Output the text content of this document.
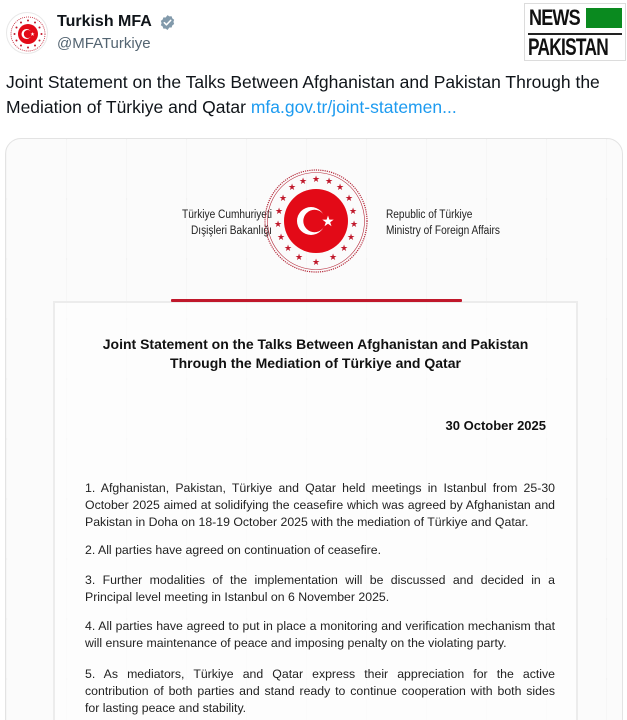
Turkish MFA
@MFATurkiye
NEWS
PAKISTAN
Joint Statement on the Talks Between Afghanistan and Pakistan Through the Mediation of Türkiye and Qatar mfa.gov.tr/joint-statemen...
Türkiye Cumhuriyeti
Dışişleri Bakanlığı
★ ★
★
★
★
★
★
★
★
★
★
★
★
★
★
★
★
★
Republic of Türkiye
Ministry of Foreign Affairs
Joint Statement on the Talks Between Afghanistan and Pakistan
Through the Mediation of Türkiye and Qatar
30 October 2025
1. Afghanistan, Pakistan, Türkiye and Qatar held meetings in Istanbul from 25-30 October 2025 aimed at solidifying the ceasefire which was agreed by Afghanistan and Pakistan in Doha on 18-19 October 2025 with the mediation of Türkiye and Qatar.
2. All parties have agreed on continuation of ceasefire.
3. Further modalities of the implementation will be discussed and decided in a Principal level meeting in Istanbul on 6 November 2025.
4. All parties have agreed to put in place a monitoring and verification mechanism that will ensure maintenance of peace and imposing penalty on the violating party.
5. As mediators, Türkiye and Qatar express their appreciation for the active contribution of both parties and stand ready to continue cooperation with both sides for lasting peace and stability.
